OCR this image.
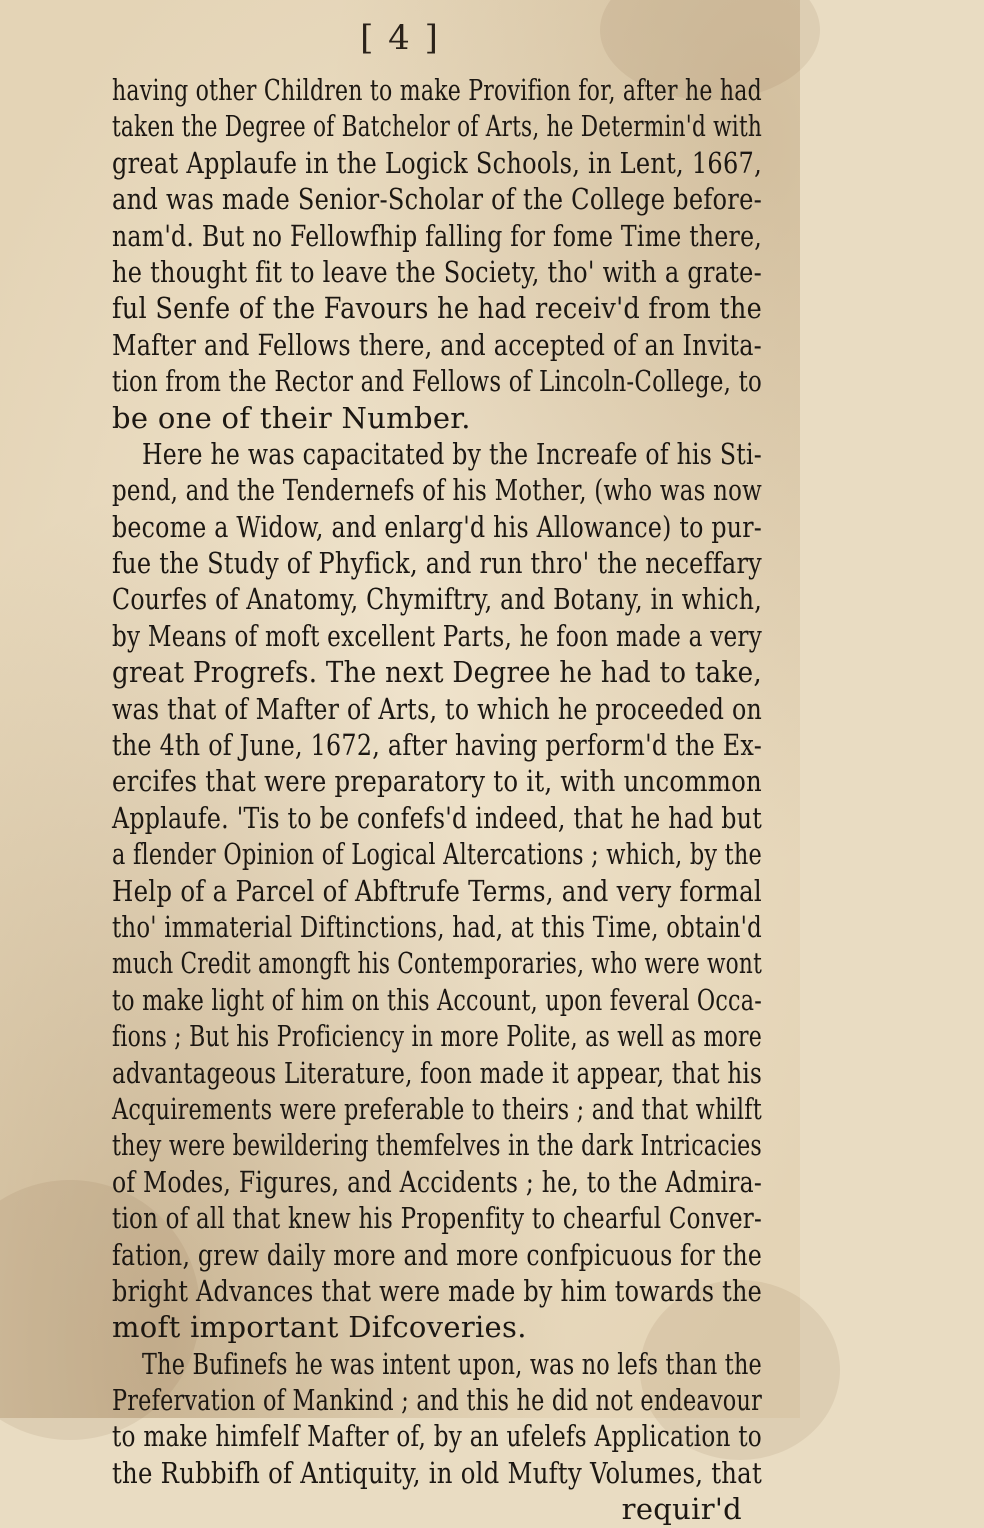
[ 4 ]
having other Children to make Provifion for, after he had
taken the Degree of Batchelor of Arts, he Determin'd with
great Applaufe in the Logick Schools, in Lent, 1667,
and was made Senior-Scholar of the College before-
nam'd. But no Fellowfhip falling for fome Time there,
he thought fit to leave the Society, tho' with a grate-
ful Senfe of the Favours he had receiv'd from the
Mafter and Fellows there, and accepted of an Invita-
tion from the Rector and Fellows of Lincoln-College, to
be one of their Number.
Here he was capacitated by the Increafe of his Sti-
pend, and the Tendernefs of his Mother, (who was now
become a Widow, and enlarg'd his Allowance) to pur-
fue the Study of Phyfick, and run thro' the neceffary
Courfes of Anatomy, Chymiftry, and Botany, in which,
by Means of moft excellent Parts, he foon made a very
great Progrefs. The next Degree he had to take,
was that of Mafter of Arts, to which he proceeded on
the 4th of June, 1672, after having perform'd the Ex-
ercifes that were preparatory to it, with uncommon
Applaufe. 'Tis to be confefs'd indeed, that he had but
a flender Opinion of Logical Altercations ; which, by the
Help of a Parcel of Abftrufe Terms, and very formal
tho' immaterial Diftinctions, had, at this Time, obtain'd
much Credit amongft his Contemporaries, who were wont
to make light of him on this Account, upon feveral Occa-
fions ; But his Proficiency in more Polite, as well as more
advantageous Literature, foon made it appear, that his
Acquirements were preferable to theirs ; and that whilft
they were bewildering themfelves in the dark Intricacies
of Modes, Figures, and Accidents ; he, to the Admira-
tion of all that knew his Propenfity to chearful Conver-
fation, grew daily more and more confpicuous for the
bright Advances that were made by him towards the
moft important Difcoveries.
The Bufinefs he was intent upon, was no lefs than the
Prefervation of Mankind ; and this he did not endeavour
to make himfelf Mafter of, by an ufelefs Application to
the Rubbifh of Antiquity, in old Mufty Volumes, that
requir'd
